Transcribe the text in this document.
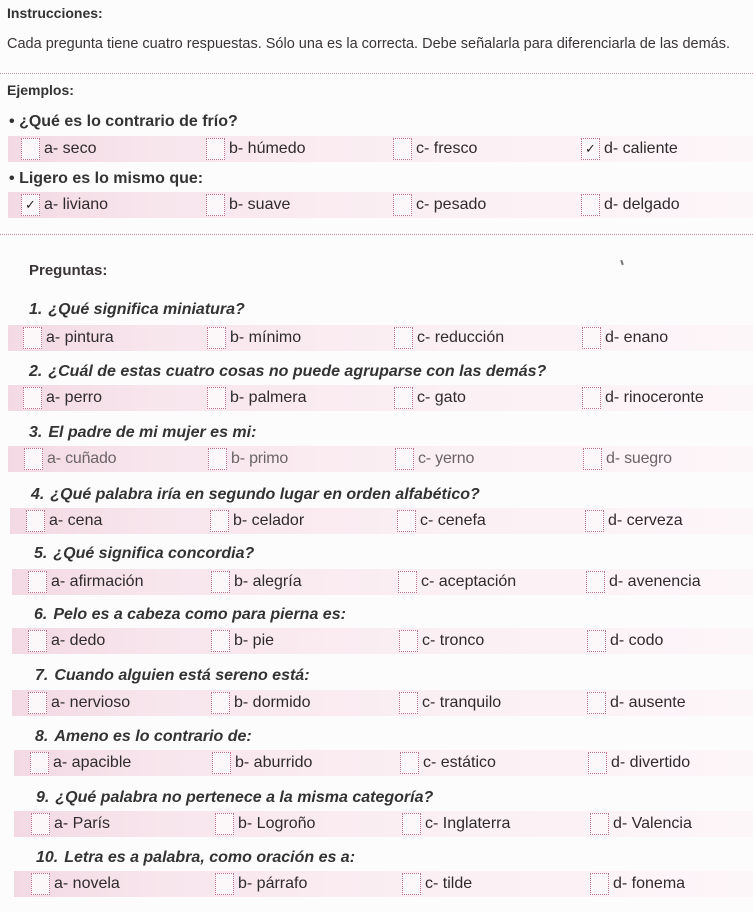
Instrucciones:
Cada pregunta tiene cuatro respuestas. Sólo una es la correcta. Debe señalarla para diferenciarla de las demás.
Ejemplos:
• ¿Qué es lo contrario de frío?
a- seco	b- húmedo	c- fresco	✓ d- caliente
• Ligero es lo mismo que:
✓ a- liviano	b- suave	c- pesado	d- delgado
Preguntas:
1. ¿Qué significa miniatura?
a- pintura	b- mínimo	c- reducción	d- enano
2. ¿Cuál de estas cuatro cosas no puede agruparse con las demás?
a- perro	b- palmera	c- gato	d- rinoceronte
3. El padre de mi mujer es mi:
a- cuñado	b- primo	c- yerno	d- suegro
4. ¿Qué palabra iría en segundo lugar en orden alfabético?
a- cena	b- celador	c- cenefa	d- cerveza
5. ¿Qué significa concordia?
a- afirmación	b- alegría	c- aceptación	d- avenencia
6. Pelo es a cabeza como para pierna es:
a- dedo	b- pie	c- tronco	d- codo
7. Cuando alguien está sereno está:
a- nervioso	b- dormido	c- tranquilo	d- ausente
8. Ameno es lo contrario de:
a- apacible	b- aburrido	c- estático	d- divertido
9. ¿Qué palabra no pertenece a la misma categoría?
a- París	b- Logroño	c- Inglaterra	d- Valencia
10. Letra es a palabra, como oración es a:
a- novela	b- párrafo	c- tilde	d- fonema
